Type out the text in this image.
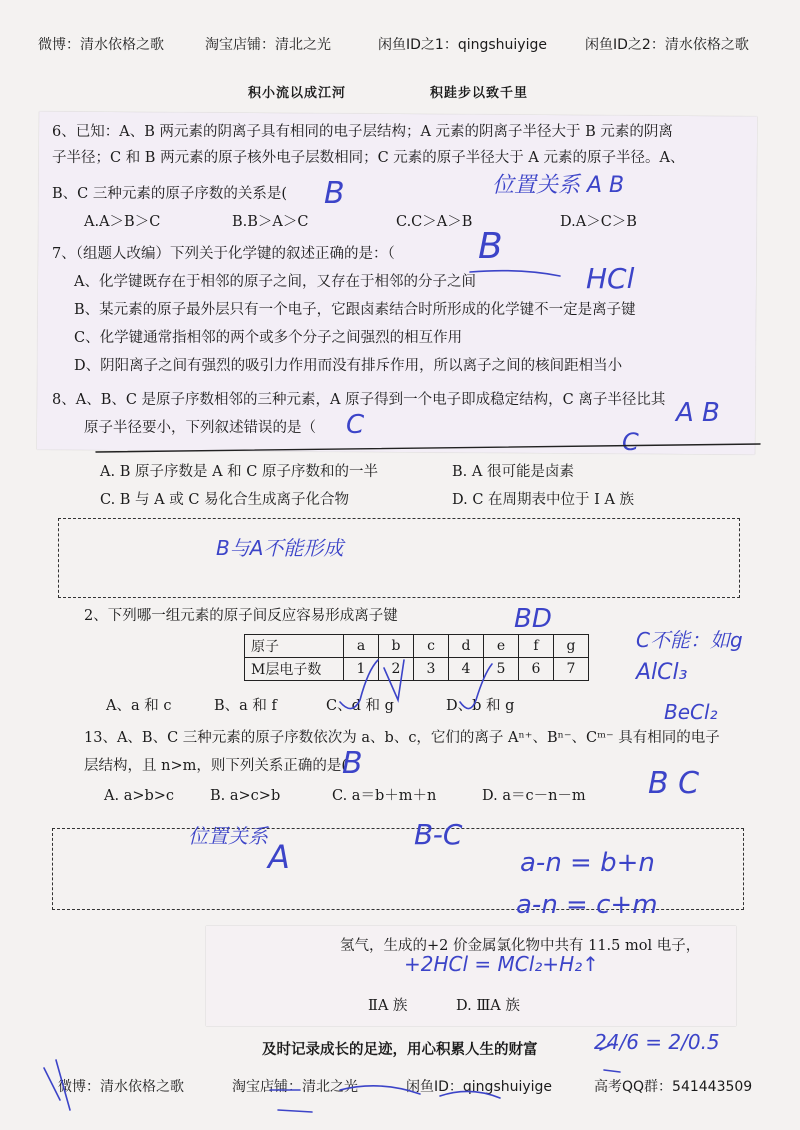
微博：清水依格之歌	淘宝店铺：清北之光	闲鱼ID之1：qingshuiyige	闲鱼ID之2：清水依格之歌
积小流以成江河	积跬步以致千里
6、已知：A、B 两元素的阴离子具有相同的电子层结构；A 元素的阴离子半径大于 B 元素的阴离
子半径；C 和 B 两元素的原子核外电子层数相同；C 元素的原子半径大于 A 元素的原子半径。A、
B、C 三种元素的原子序数的关系是(
A.A＞B＞C	B.B＞A＞C	C.C＞A＞B	D.A＞C＞B
7、（组题人改编）下列关于化学键的叙述正确的是：（
A、化学键既存在于相邻的原子之间，又存在于相邻的分子之间
B、某元素的原子最外层只有一个电子，它跟卤素结合时所形成的化学键不一定是离子键
C、化学键通常指相邻的两个或多个分子之间强烈的相互作用
D、阴阳离子之间有强烈的吸引力作用而没有排斥作用，所以离子之间的核间距相当小
8、A、B、C 是原子序数相邻的三种元素，A 原子得到一个电子即成稳定结构，C 离子半径比其
原子半径要小，下列叙述错误的是（
A. B 原子序数是 A 和 C 原子序数和的一半	B. A 很可能是卤素
C. B 与 A 或 C 易化合生成离子化合物	D. C 在周期表中位于 Ⅰ A 族
2、下列哪一组元素的原子间反应容易形成离子键
原子	a	b	c	d	e	f	g
M层电子数	1	2	3	4	5	6	7
A、a 和 c	B、a 和 f	C、d 和 g	D、b 和 g
13、A、B、C 三种元素的原子序数依次为 a、b、c，它们的离子 Aⁿ⁺、Bⁿ⁻、Cᵐ⁻ 具有相同的电子
层结构，且 n>m，则下列关系正确的是(
A. a>b>c B. a>c>b	C. a＝b＋m＋n	D. a＝c－n－m
氢气，生成的+2 价金属氯化物中共有 11.5 mol 电子，
ⅡA 族	D. ⅢA 族
及时记录成长的足迹，用心积累人生的财富
微博：清水依格之歌	淘宝店铺：清北之光	闲鱼ID：qingshuiyige	高考QQ群：541443509
B	位置关系 A B
B
HCl
C	A B
C
B与A不能形成
BD
C不能：如g
AlCl₃
BeCl₂
B
B C
位置关系
A
B-C
a-n = b+n
a-n = c+m
+2HCl = MCl₂+H₂↑
24/6 = 2/0.5
